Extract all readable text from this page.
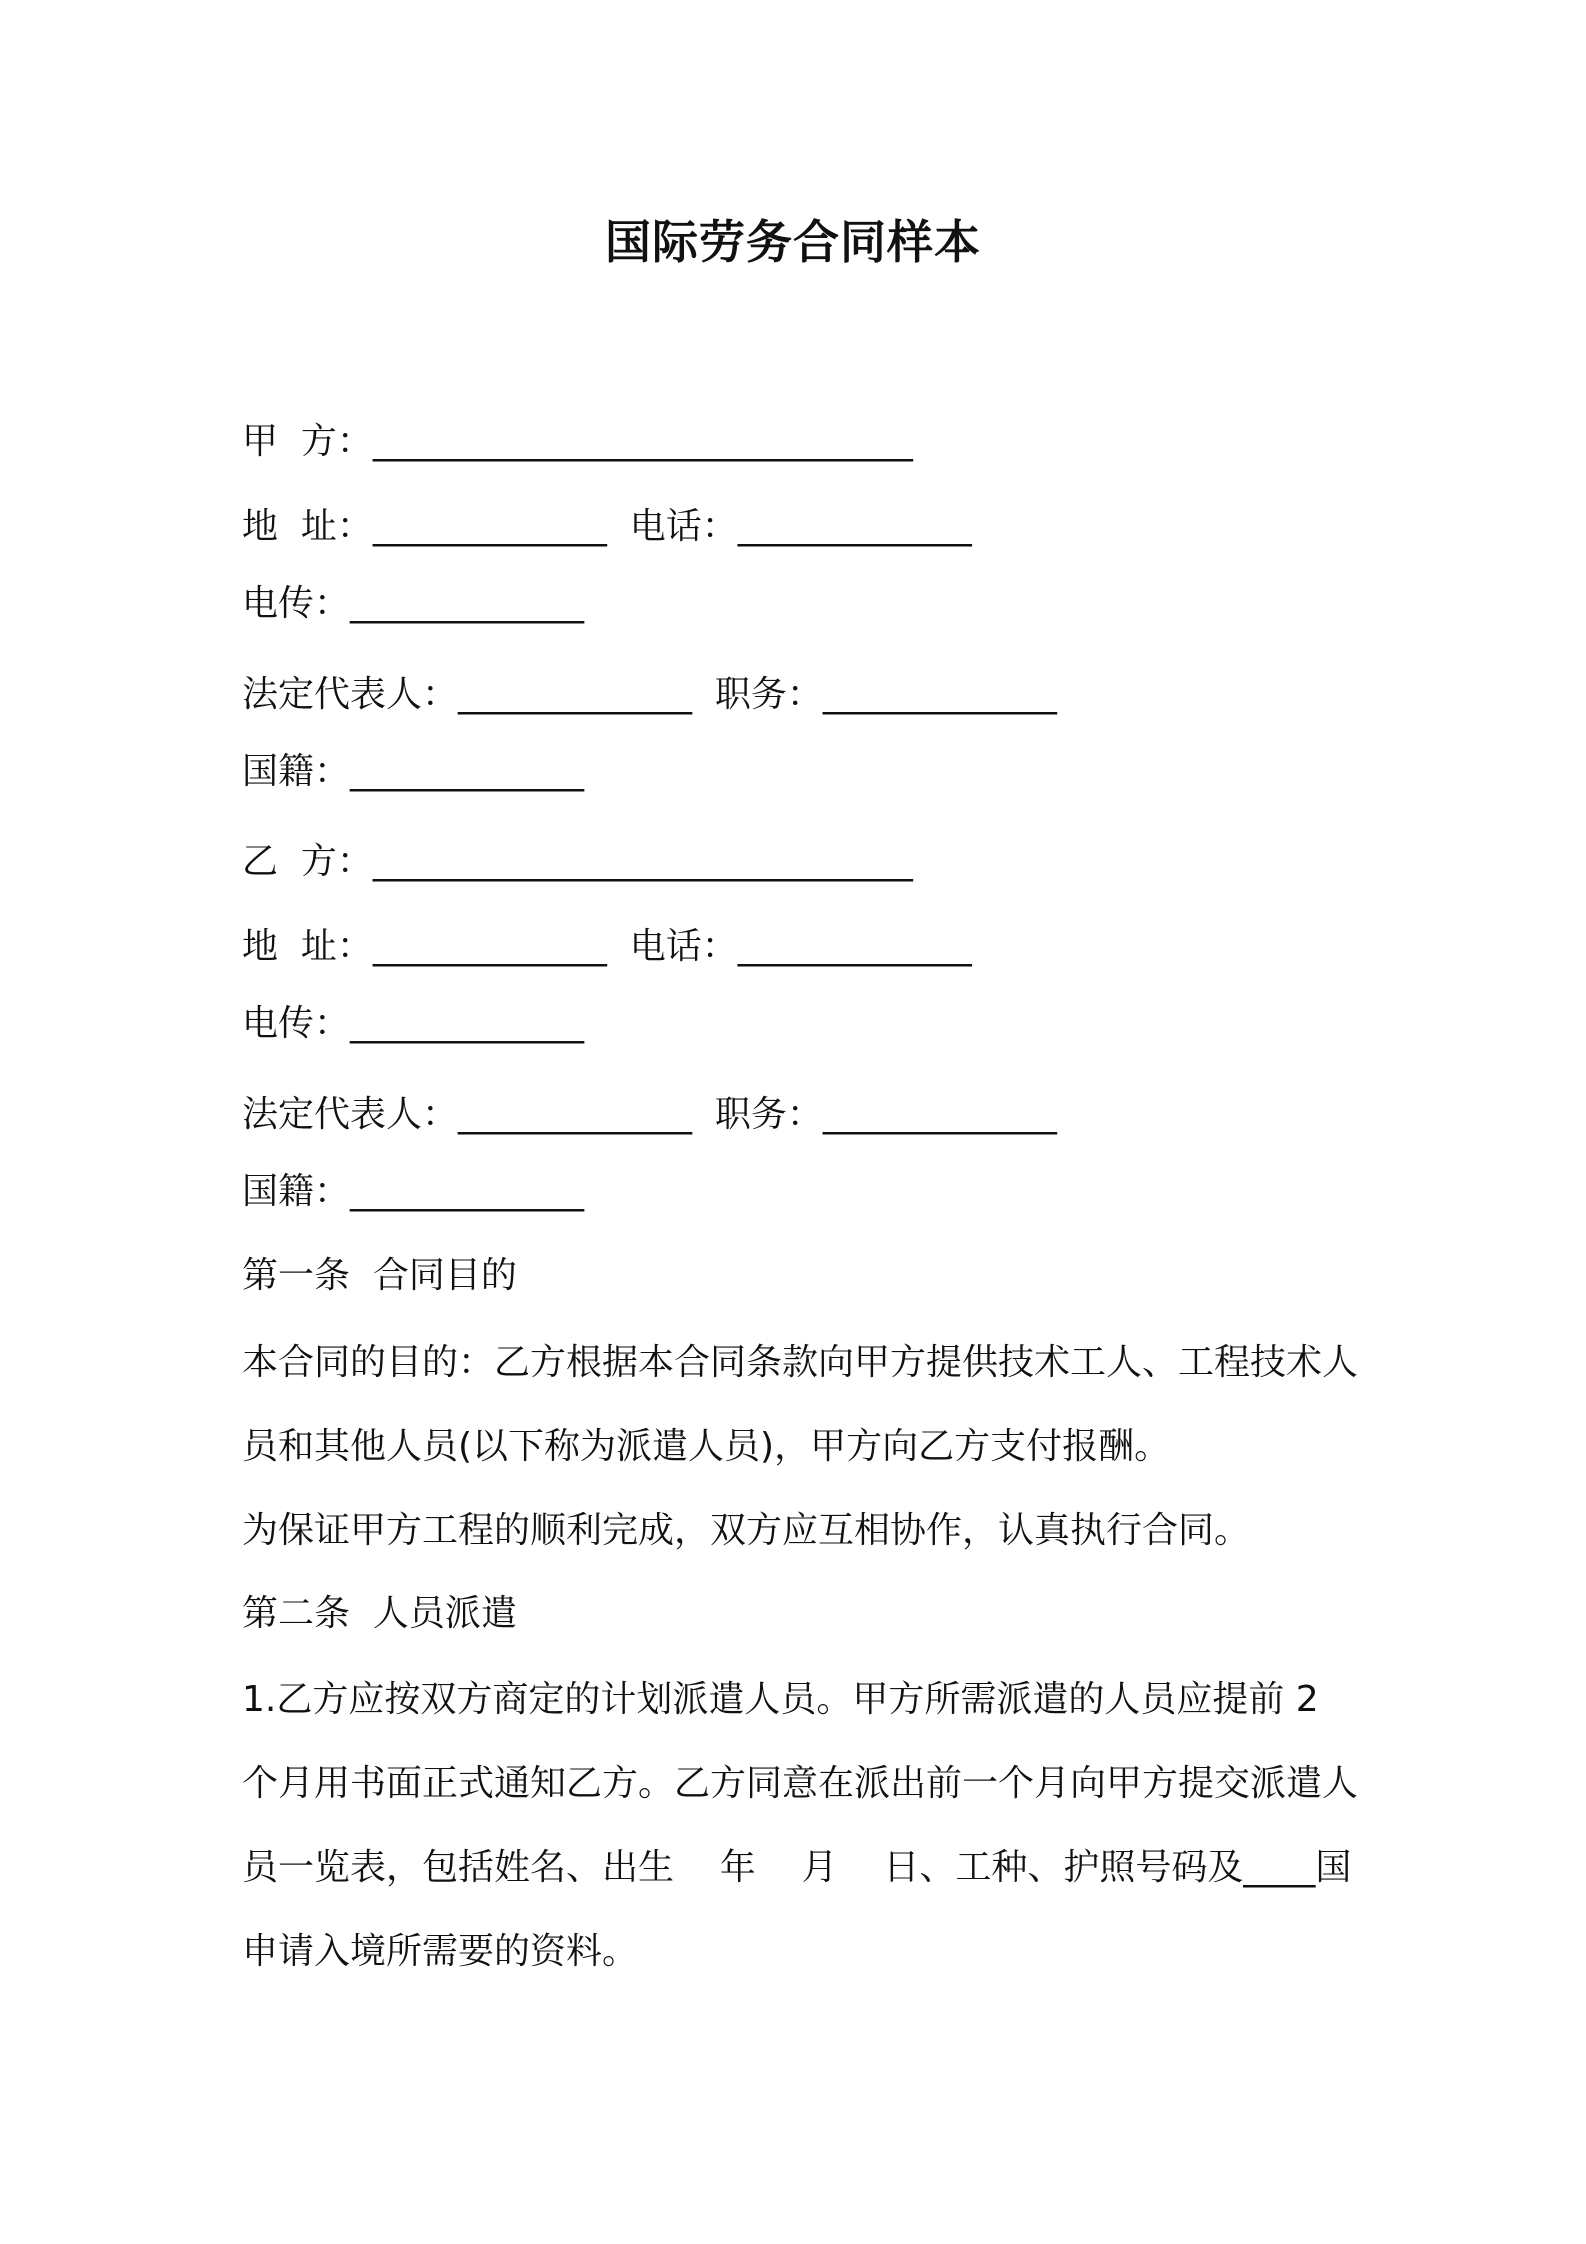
国际劳务合同样本
甲  方：______________________________
地  址：_____________  电话：_____________
电传：_____________
法定代表人：_____________  职务：_____________
国籍：_____________
乙  方：______________________________
地  址：_____________  电话：_____________
电传：_____________
法定代表人：_____________  职务：_____________
国籍：_____________
第一条  合同目的
本合同的目的：乙方根据本合同条款向甲方提供技术工人、工程技术人员和其他人员(以下称为派遣人员)，甲方向乙方支付报酬。
为保证甲方工程的顺利完成，双方应互相协作，认真执行合同。
第二条  人员派遣
1.乙方应按双方商定的计划派遣人员。甲方所需派遣的人员应提前 2 个月用书面正式通知乙方。乙方同意在派出前一个月向甲方提交派遣人员一览表，包括姓名、出生    年    月    日、工种、护照号码及____国申请入境所需要的资料。
